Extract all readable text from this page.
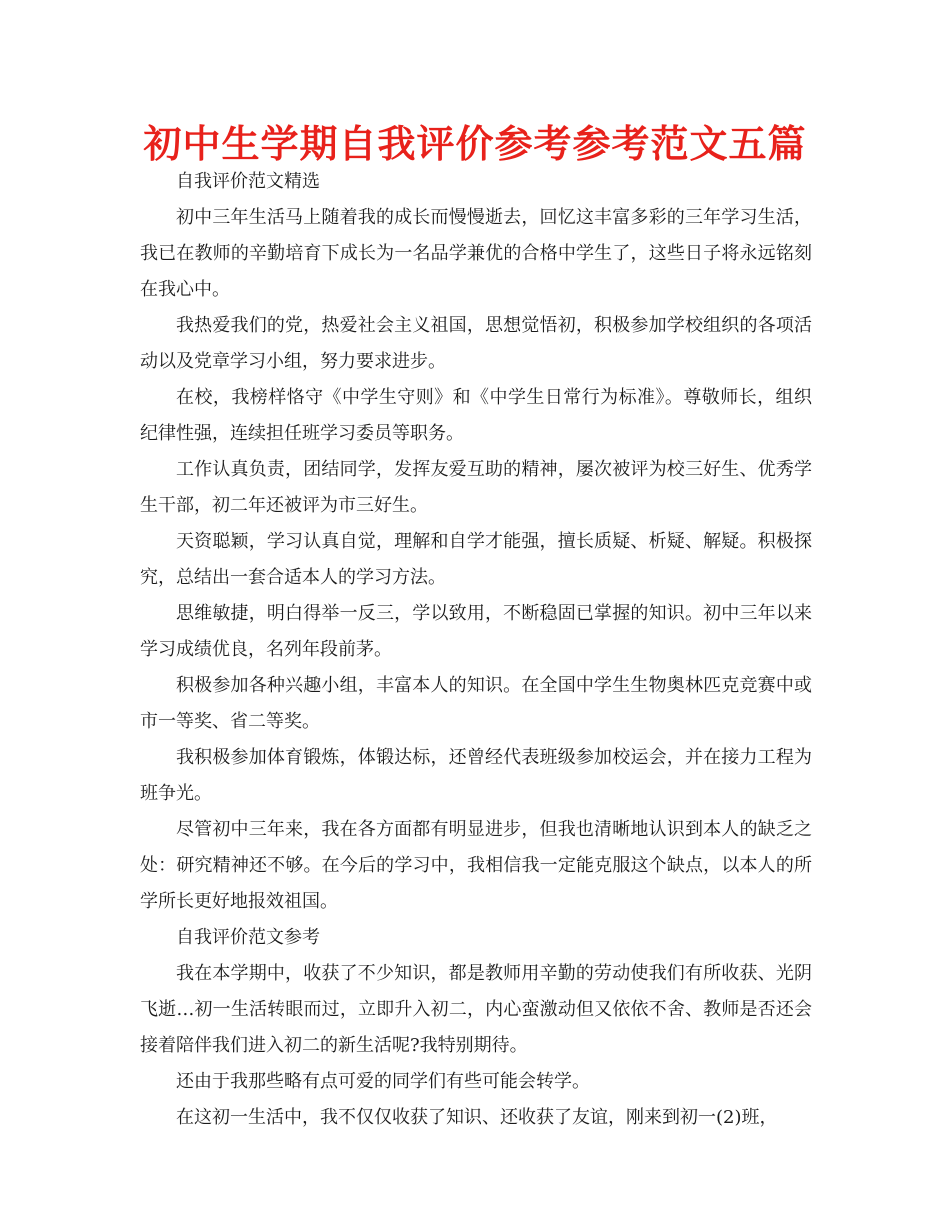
初中生学期自我评价参考参考范文五篇

自我评价范文精选

初中三年生活马上随着我的成长而慢慢逝去，回忆这丰富多彩的三年学习生活，我已在教师的辛勤培育下成长为一名品学兼优的合格中学生了，这些日子将永远铭刻在我心中。

我热爱我们的党，热爱社会主义祖国，思想觉悟初，积极参加学校组织的各项活动以及党章学习小组，努力要求进步。

在校，我榜样恪守《中学生守则》和《中学生日常行为标准》。尊敬师长，组织纪律性强，连续担任班学习委员等职务。

工作认真负责，团结同学，发挥友爱互助的精神，屡次被评为校三好生、优秀学生干部，初二年还被评为市三好生。

天资聪颖，学习认真自觉，理解和自学才能强，擅长质疑、析疑、解疑。积极探究，总结出一套合适本人的学习方法。

思维敏捷，明白得举一反三，学以致用，不断稳固已掌握的知识。初中三年以来学习成绩优良，名列年段前茅。

积极参加各种兴趣小组，丰富本人的知识。在全国中学生生物奥林匹克竞赛中或市一等奖、省二等奖。

我积极参加体育锻炼，体锻达标，还曾经代表班级参加校运会，并在接力工程为班争光。

尽管初中三年来，我在各方面都有明显进步，但我也清晰地认识到本人的缺乏之处：研究精神还不够。在今后的学习中，我相信我一定能克服这个缺点，以本人的所学所长更好地报效祖国。

自我评价范文参考

我在本学期中，收获了不少知识，都是教师用辛勤的劳动使我们有所收获、光阴飞逝…初一生活转眼而过，立即升入初二，内心蛮激动但又依依不舍、教师是否还会接着陪伴我们进入初二的新生活呢?我特别期待。

还由于我那些略有点可爱的同学们有些可能会转学。

在这初一生活中，我不仅仅收获了知识、还收获了友谊，刚来到初一(2)班，
